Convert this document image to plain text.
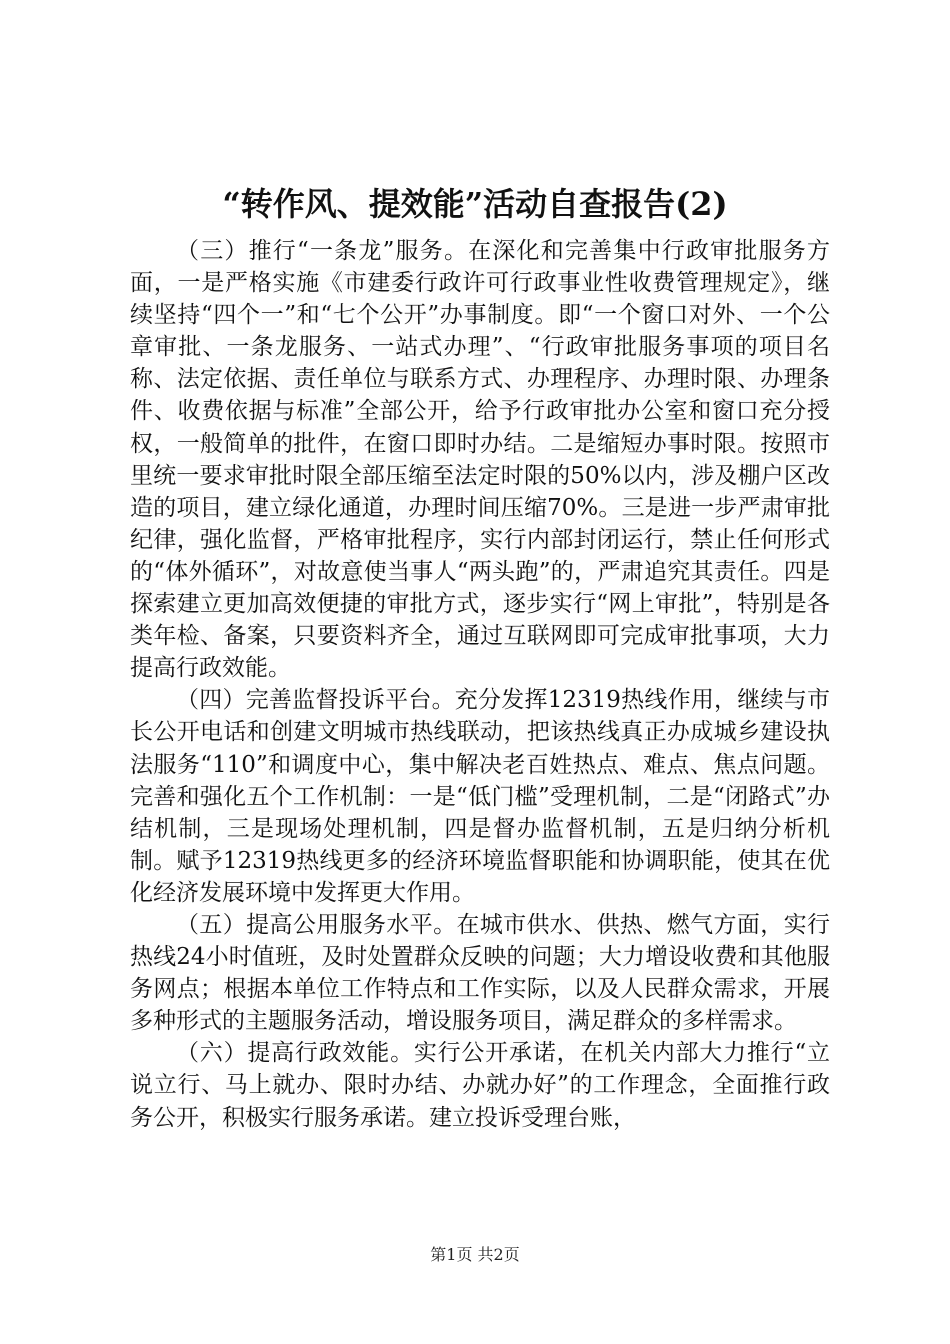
“转作风、提效能”活动自查报告(2)

（三）推行“一条龙”服务。在深化和完善集中行政审批服务方面，一是严格实施《市建委行政许可行政事业性收费管理规定》，继续坚持“四个一”和“七个公开”办事制度。即“一个窗口对外、一个公章审批、一条龙服务、一站式办理”、“行政审批服务事项的项目名称、法定依据、责任单位与联系方式、办理程序、办理时限、办理条件、收费依据与标准”全部公开，给予行政审批办公室和窗口充分授权，一般简单的批件，在窗口即时办结。二是缩短办事时限。按照市里统一要求审批时限全部压缩至法定时限的50%以内，涉及棚户区改造的项目，建立绿化通道，办理时间压缩70%。三是进一步严肃审批纪律，强化监督，严格审批程序，实行内部封闭运行，禁止任何形式的“体外循环”，对故意使当事人“两头跑”的，严肃追究其责任。四是探索建立更加高效便捷的审批方式，逐步实行“网上审批”，特别是各类年检、备案，只要资料齐全，通过互联网即可完成审批事项，大力提高行政效能。

（四）完善监督投诉平台。充分发挥12319热线作用，继续与市长公开电话和创建文明城市热线联动，把该热线真正办成城乡建设执法服务“110”和调度中心，集中解决老百姓热点、难点、焦点问题。完善和强化五个工作机制：一是“低门槛”受理机制，二是“闭路式”办结机制，三是现场处理机制，四是督办监督机制，五是归纳分析机制。赋予12319热线更多的经济环境监督职能和协调职能，使其在优化经济发展环境中发挥更大作用。

（五）提高公用服务水平。在城市供水、供热、燃气方面，实行热线24小时值班，及时处置群众反映的问题；大力增设收费和其他服务网点；根据本单位工作特点和工作实际，以及人民群众需求，开展多种形式的主题服务活动，增设服务项目，满足群众的多样需求。

（六）提高行政效能。实行公开承诺，在机关内部大力推行“立说立行、马上就办、限时办结、办就办好”的工作理念，全面推行政务公开，积极实行服务承诺。建立投诉受理台账，

第1页 共2页
